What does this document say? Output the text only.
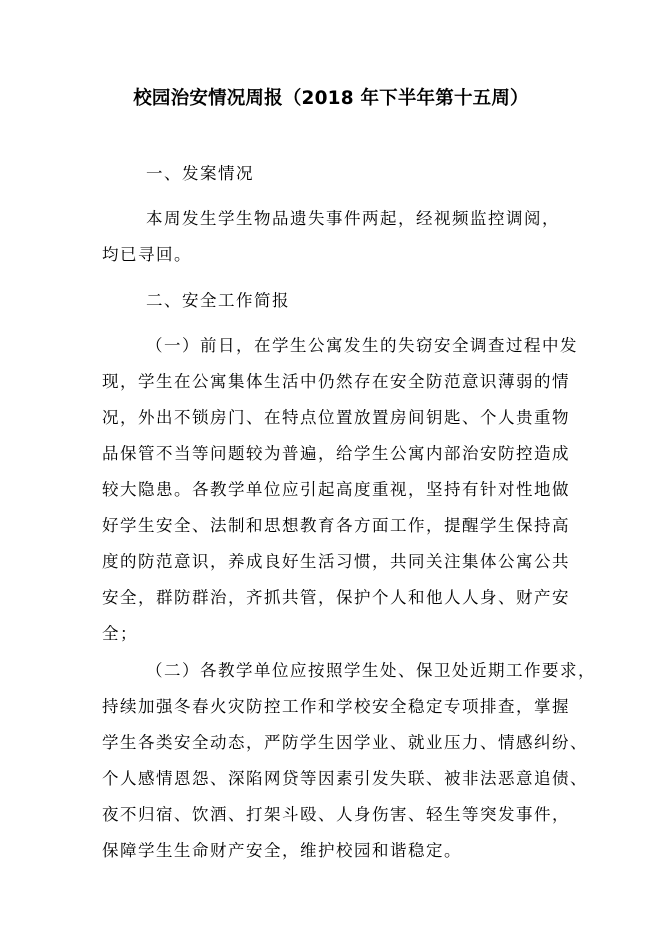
校园治安情况周报（2018 年下半年第十五周）
一、发案情况
本周发生学生物品遗失事件两起，经视频监控调阅，
均已寻回。
二、安全工作简报
（一）前日，在学生公寓发生的失窃安全调查过程中发
现，学生在公寓集体生活中仍然存在安全防范意识薄弱的情
况，外出不锁房门、在特点位置放置房间钥匙、个人贵重物
品保管不当等问题较为普遍，给学生公寓内部治安防控造成
较大隐患。各教学单位应引起高度重视，坚持有针对性地做
好学生安全、法制和思想教育各方面工作，提醒学生保持高
度的防范意识，养成良好生活习惯，共同关注集体公寓公共
安全，群防群治，齐抓共管，保护个人和他人人身、财产安
全；
（二）各教学单位应按照学生处、保卫处近期工作要求，
持续加强冬春火灾防控工作和学校安全稳定专项排查，掌握
学生各类安全动态，严防学生因学业、就业压力、情感纠纷、
个人感情恩怨、深陷网贷等因素引发失联、被非法恶意追债、
夜不归宿、饮酒、打架斗殴、人身伤害、轻生等突发事件，
保障学生生命财产安全，维护校园和谐稳定。
